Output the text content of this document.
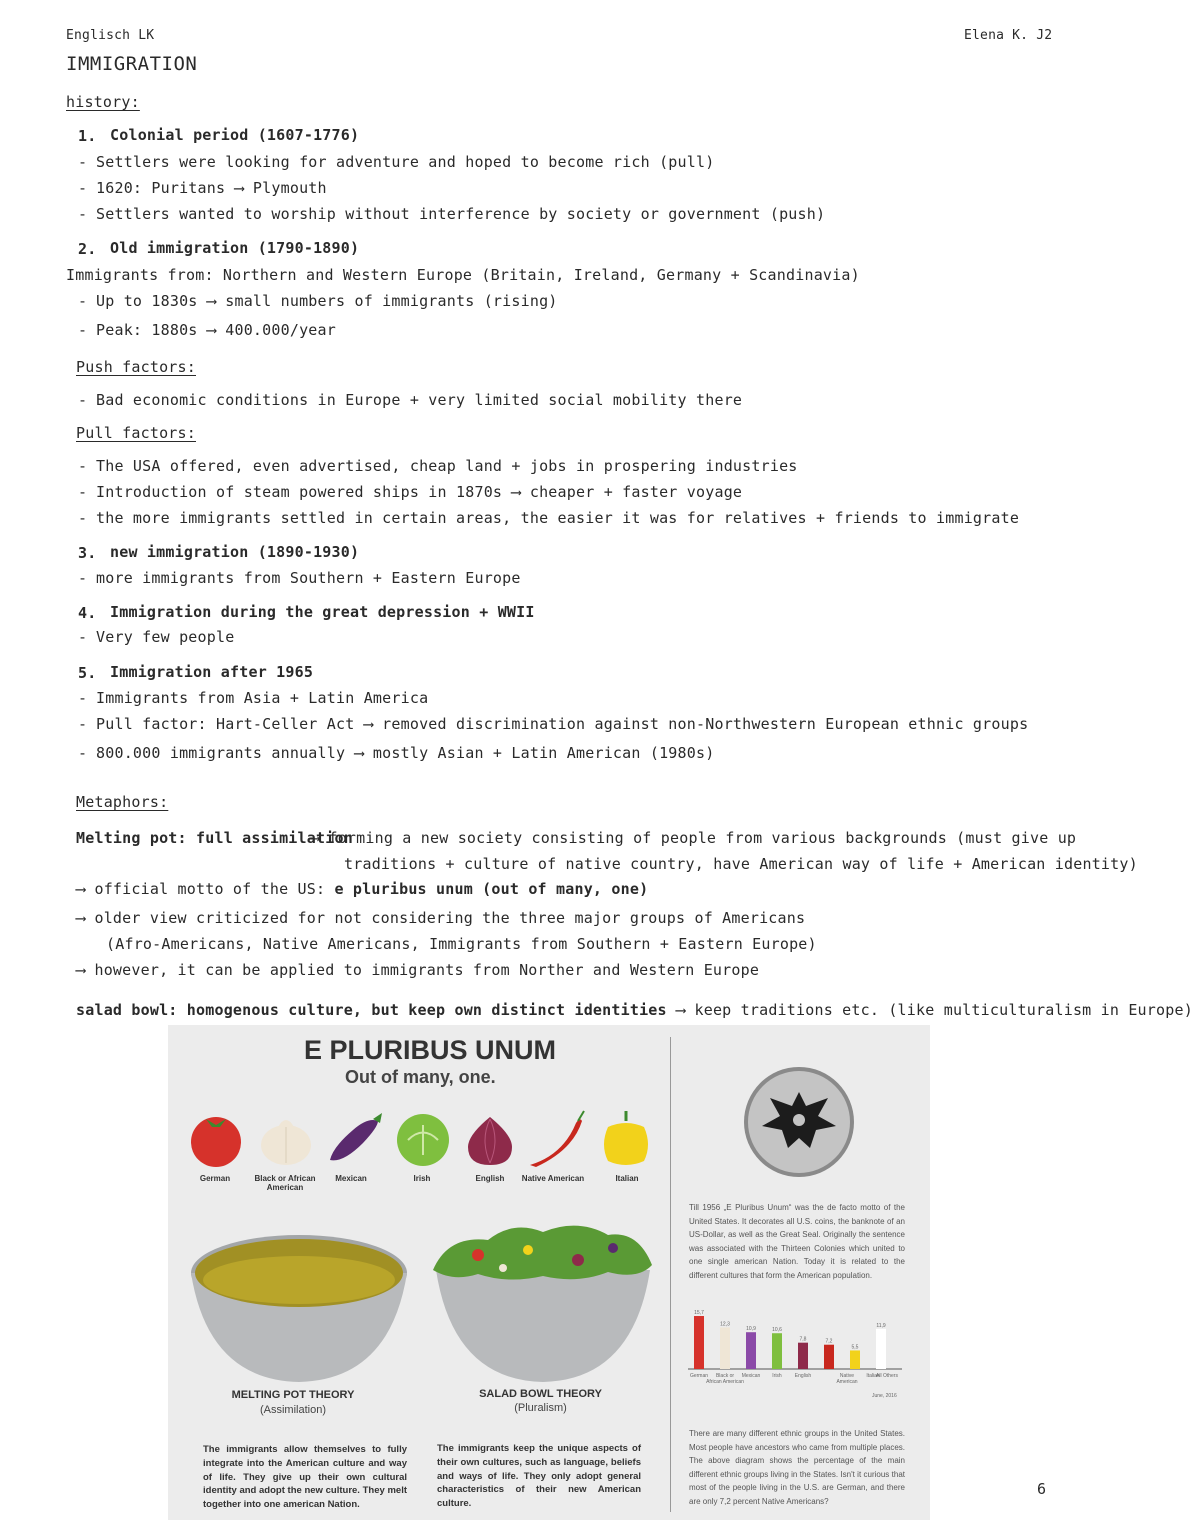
Englisch LK	Elena K. J2
IMMIGRATION
history:
1. Colonial period (1607-1776)
- Settlers were looking for adventure and hoped to become rich (pull)
- 1620: Puritans ⟶ Plymouth
- Settlers wanted to worship without interference by society or government (push)
2. Old immigration (1790-1890)
Immigrants from: Northern and Western Europe (Britain, Ireland, Germany + Scandinavia)
- Up to 1830s ⟶ small numbers of immigrants (rising)
- Peak: 1880s ⟶ 400.000/year
Push factors:
- Bad economic conditions in Europe + very limited social mobility there
Pull factors:
- The USA offered, even advertised, cheap land + jobs in prospering industries
- Introduction of steam powered ships in 1870s ⟶ cheaper + faster voyage
- the more immigrants settled in certain areas, the easier it was for relatives + friends to immigrate
3. new immigration (1890-1930)
- more immigrants from Southern + Eastern Europe
4. Immigration during the great depression + WWII
- Very few people
5. Immigration after 1965
- Immigrants from Asia + Latin America
- Pull factor: Hart-Celler Act ⟶ removed discrimination against non-Northwestern European ethnic groups
- 800.000 immigrants annually ⟶ mostly Asian + Latin American (1980s)
Metaphors:
Melting pot: full assimilation
⟶ forming a new society consisting of people from various backgrounds (must give up
traditions + culture of native country, have American way of life + American identity)
⟶ official motto of the US: e pluribus unum (out of many, one)
⟶ older view criticized for not considering the three major groups of Americans
(Afro-Americans, Native Americans, Immigrants from Southern + Eastern Europe)
⟶ however, it can be applied to immigrants from Norther and Western Europe
salad bowl: homogenous culture, but keep own distinct identities ⟶ keep traditions etc. (like multiculturalism in Europe)
6
E PLURIBUS UNUM
Out of many, one.
German	Black or African American
Mexican	Irish	English	Native American	Italian
MELTING POT THEORY
(Assimilation)
SALAD BOWL THEORY
(Pluralism)
The immigrants allow themselves to fully integrate into the American culture and way of life. They give up their own cultural identity and adopt the new culture. They melt together into one american Nation.
The immigrants keep the unique aspects of their own cultures, such as language, beliefs and ways of life. They only adopt general characteristics of their new American culture.
Till 1956 „E Pluribus Unum“ was the de facto motto of the United States. It decorates all U.S. coins, the banknote of an US-Dollar, as well as the Great Seal. Originally the sentence was associated with the Thirteen Colonies which united to one single american Nation. Today it is related to the different cultures that form the American population.
15,7
12,3
10,9	10,6
7,8	7,2
5,5
11,9
German Black or
African American
Mexican Irish	English	Native
American
Italian
All Others
June, 2016
There are many different ethnic groups in the United States. Most people have ancestors who came from multiple places. The above diagram shows the percentage of the main different ethnic groups living in the States. Isn't it curious that most of the people living in the U.S. are German, and there are only 7,2 percent Native Americans?
